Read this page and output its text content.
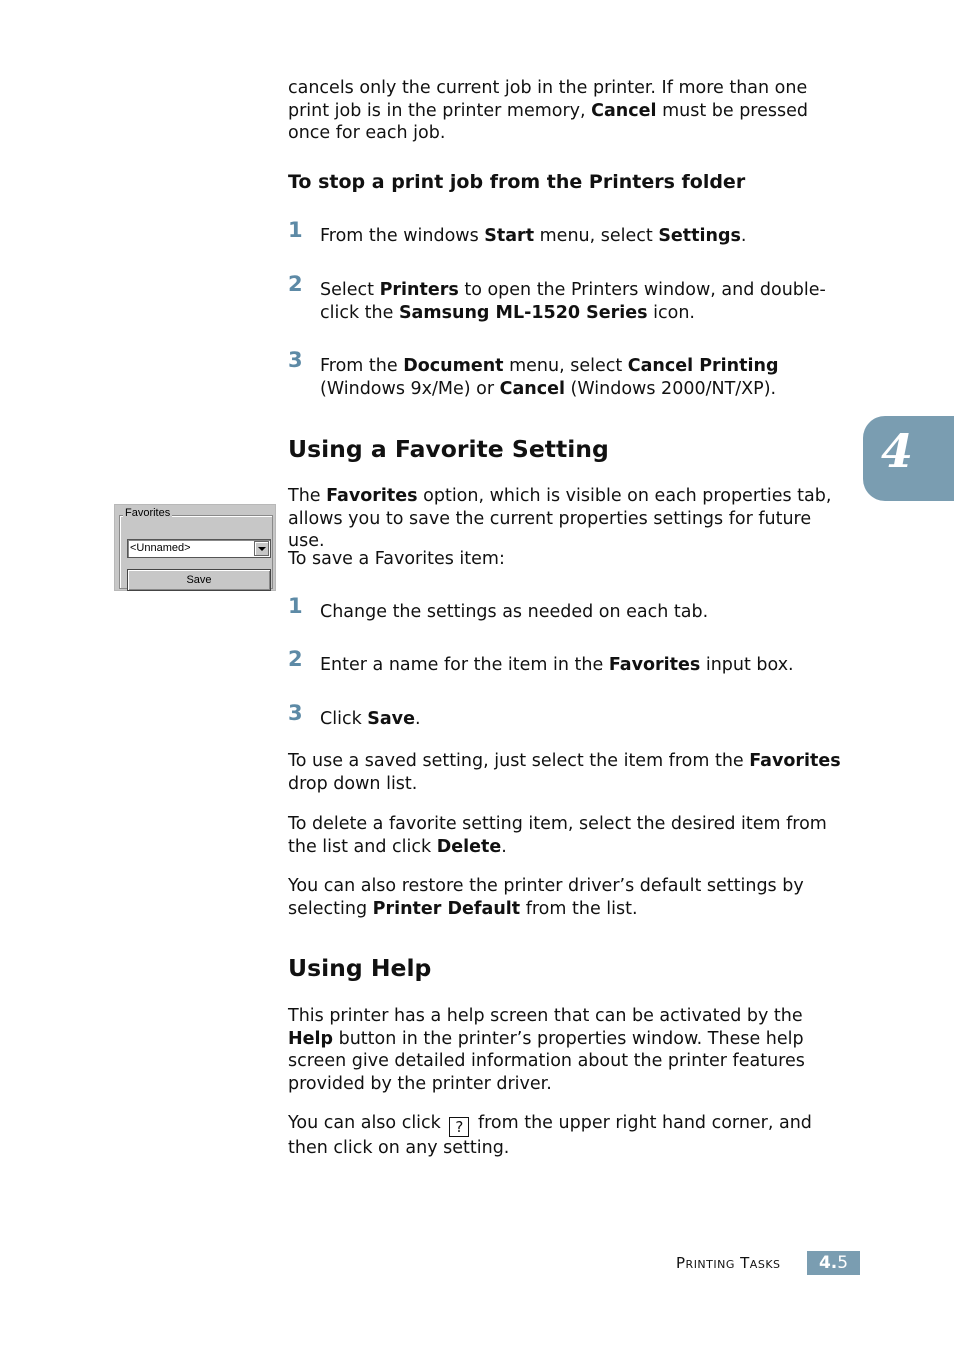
cancels only the current job in the printer. If more than one print job is in the printer memory, Cancel must be pressed once for each job.

To stop a print job from the Printers folder
1 From the windows Start menu, select Settings.
2 Select Printers to open the Printers window, and double-click the Samsung ML-1520 Series icon.
3 From the Document menu, select Cancel Printing (Windows 9x/Me) or Cancel (Windows 2000/NT/XP).
4
Using a Favorite Setting

The Favorites option, which is visible on each properties tab, allows you to save the current properties settings for future use.

To save a Favorites item:

<Unnamed>
Save
Favorites
1 Change the settings as needed on each tab.
2 Enter a name for the item in the Favorites input box.
3 Click Save.

To use a saved setting, just select the item from the Favorites drop down list.

To delete a favorite setting item, select the desired item from the list and click Delete.

You can also restore the printer driver’s default settings by selecting Printer Default from the list.

Using Help

This printer has a help screen that can be activated by the Help button in the printer’s properties window. These help screen give detailed information about the printer features provided by the printer driver.

You can also click ? from the upper right hand corner, and then click on any setting.

Printing Tasks	4.5
